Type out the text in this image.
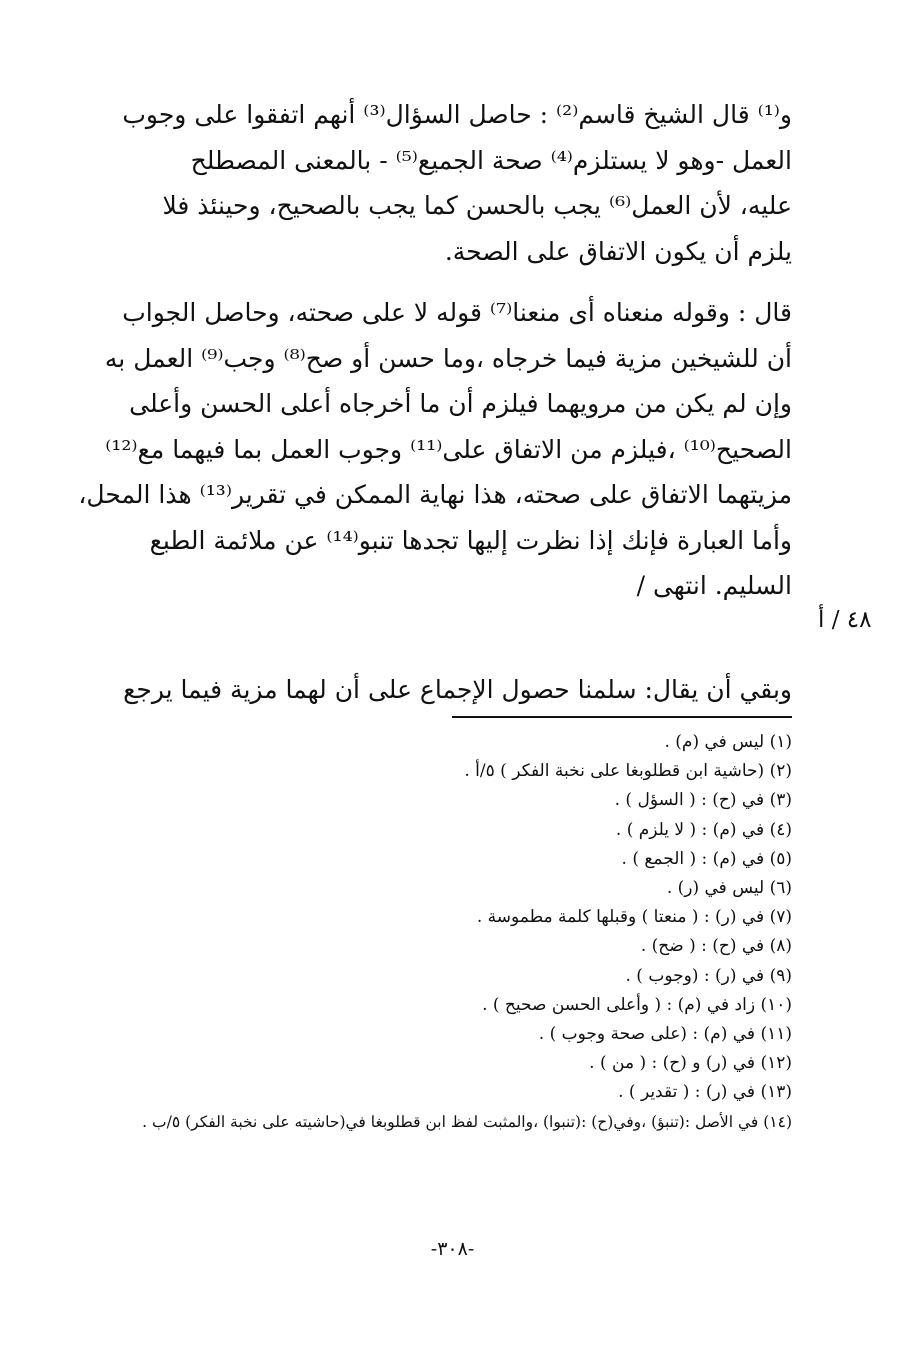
و⁽¹⁾ قال الشيخ قاسم⁽²⁾ : حاصل السؤال⁽³⁾ أنهم اتفقوا على وجوب

العمل -وهو لا يستلزم⁽⁴⁾ صحة الجميع⁽⁵⁾ - بالمعنى المصطلح

عليه، لأن العمل⁽⁶⁾ يجب بالحسن كما يجب بالصحيح، وحينئذ فلا

يلزم أن يكون الاتفاق على الصحة.

قال : وقوله منعناه أى منعنا⁽⁷⁾ قوله لا على صحته، وحاصل الجواب

أن للشيخين مزية فيما خرجاه ،وما حسن أو صح⁽⁸⁾ وجب⁽⁹⁾ العمل به

وإن لم يكن من مرويهما فيلزم أن ما أخرجاه أعلى الحسن وأعلى

الصحيح⁽¹⁰⁾ ،فيلزم من الاتفاق على⁽¹¹⁾ وجوب العمل بما فيهما مع⁽¹²⁾

مزيتهما الاتفاق على صحته، هذا نهاية الممكن في تقرير⁽¹³⁾ هذا المحل،

وأما العبارة فإنك إذا نظرت إليها تجدها تنبو⁽¹⁴⁾ عن ملائمة الطبع

السليم. انتهى /

٤٨ / أ
وبقي أن يقال: سلمنا حصول الإجماع على أن لهما مزية فيما يرجع
(١) ليس في (م) .
(٢) (حاشية ابن قطلوبغا على نخبة الفكر ) ٥/أ .
(٣) في (ح) : ( السؤل ) .
(٤) في (م) : ( لا يلزم ) .
(٥) في (م) : ( الجمع ) .
(٦) ليس في (ر) .
(٧) في (ر) : ( منعتا ) وقبلها كلمة مطموسة .
(٨) في (ح) : ( ضح) .
(٩) في (ر) : (وجوب ) .
(١٠) زاد في (م) : ( وأعلى الحسن صحيح ) .
(١١) في (م) : (على صحة وجوب ) .
(١٢) في (ر) و (ح) : ( من ) .
(١٣) في (ر) : ( تقدير ) .
(١٤) في الأصل :(تنبؤ) ،وفي(ح) :(تنبوا) ،والمثبت لفظ ابن قطلوبغا في(حاشيته على نخبة الفكر) ٥/ب .
-٣٠٨-
